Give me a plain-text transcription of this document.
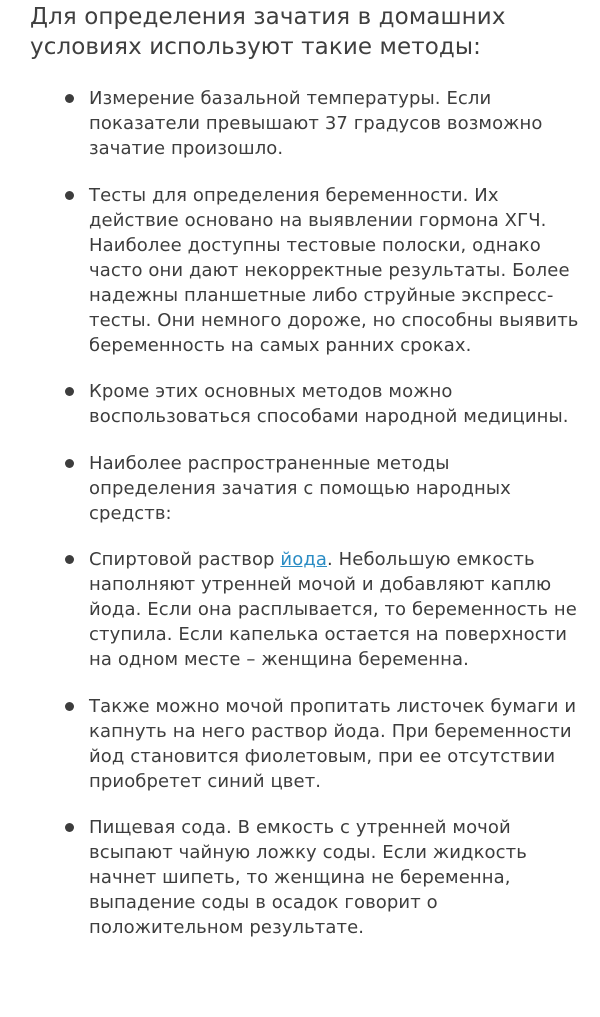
Для определения зачатия в домашних условиях используют такие методы:
Измерение базальной температуры. Если показатели превышают 37 градусов возможно зачатие произошло.
Тесты для определения беременности. Их действие основано на выявлении гормона ХГЧ. Наиболее доступны тестовые полоски, однако часто они дают некорректные результаты. Более надежны планшетные либо струйные экспресс-тесты. Они немного дороже, но способны выявить беременность на самых ранних сроках.
Кроме этих основных методов можно воспользоваться способами народной медицины.
Наиболее распространенные методы определения зачатия с помощью народных средств:
Спиртовой раствор йода. Небольшую емкость наполняют утренней мочой и добавляют каплю йода. Если она расплывается, то беременность не ступила. Если капелька остается на поверхности на одном месте – женщина беременна.
Также можно мочой пропитать листочек бумаги и капнуть на него раствор йода. При беременности йод становится фиолетовым, при ее отсутствии приобретет синий цвет.
Пищевая сода. В емкость с утренней мочой всыпают чайную ложку соды. Если жидкость начнет шипеть, то женщина не беременна, выпадение соды в осадок говорит о положительном результате.
